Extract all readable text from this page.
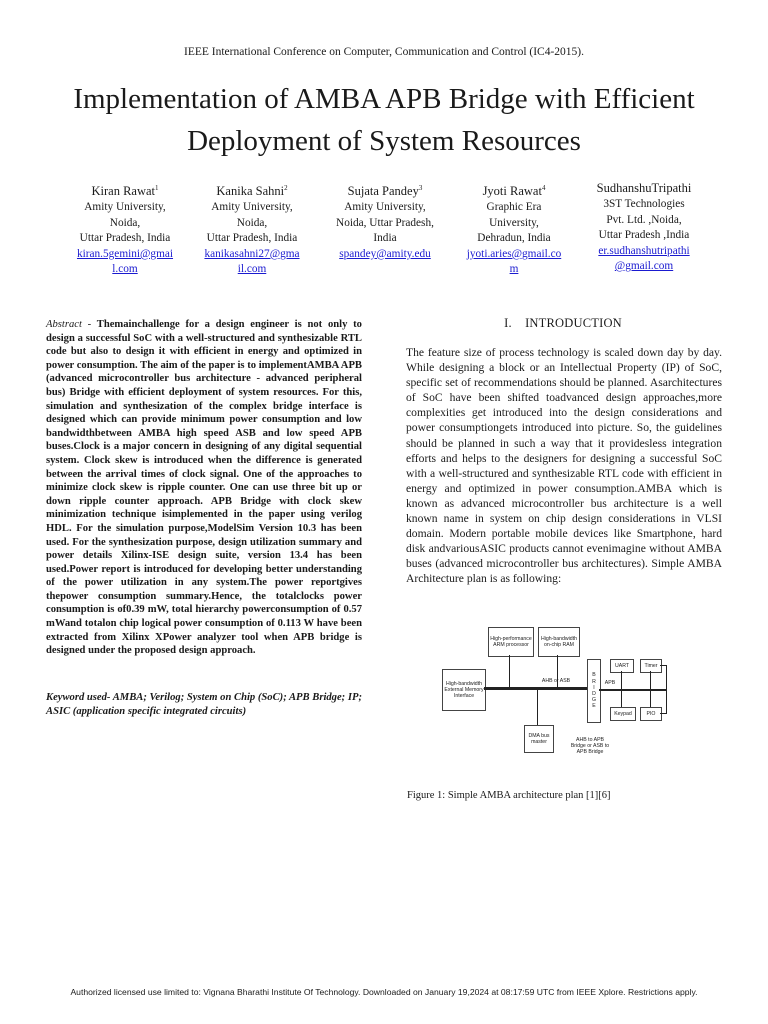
IEEE International Conference on Computer, Communication and Control (IC4-2015).
Implementation of AMBA APB Bridge with Efficient
Deployment of System Resources
Kiran Rawat$^1$
Amity University,
Noida,
Uttar Pradesh, India
kiran.5gemini@gmai
l.com
Kanika Sahni$^2$
Amity University,
Noida,
Uttar Pradesh, India
kanikasahni27@gma
il.com
Sujata Pandey$^3$
Amity University,
Noida, Uttar Pradesh,
India
spandey@amity.edu
Jyoti Rawat$^4$
Graphic Era
University,
Dehradun, India
jyoti.aries@gmail.co
m
SudhanshuTripathi
3ST Technologies
Pvt. Ltd. ,Noida,
Uttar Pradesh ,India
er.sudhanshutripathi
@gmail.com
Abstract - Themainchallenge for a design engineer is not only to design a successful SoC with a well-structured and synthesizable RTL code but also to design it with efficient in energy and optimized in power consumption. The aim of the paper is to implementAMBA APB (advanced microcontroller bus architecture - advanced peripheral bus) Bridge with efficient deployment of system resources. For this, simulation and synthesization of the complex bridge interface is designed which can provide minimum power consumption and low bandwidthbetween AMBA high speed ASB and low speed APB buses.Clock is a major concern in designing of any digital sequential system. Clock skew is introduced when the difference is generated between the arrival times of clock signal. One of the approaches to minimize clock skew is ripple counter. One can use three bit up or down ripple counter approach. APB Bridge with clock skew minimization technique isimplemented in the paper using verilog HDL. For the simulation purpose,ModelSim Version 10.3 has been used. For the synthesization purpose, design utilization summary and power details Xilinx-ISE design suite, version 13.4 has been used.Power report is introduced for developing better understanding of the power utilization in any system.The power reportgives thepower consumption summary.Hence, the totalclocks power consumption is of0.39 mW, total hierarchy powerconsumption of 0.57 mWand totalon chip logical power consumption of 0.113 W have been extracted from Xilinx XPower analyzer tool when APB bridge is designed under the proposed design approach.
Keyword used- AMBA; Verilog; System on Chip (SoC); APB Bridge; IP; ASIC (application specific integrated circuits)
I.    INTRODUCTION
The feature size of process technology is scaled down day by day. While designing a block or an Intellectual Property (IP) of SoC, specific set of recommendations should be planned. Asarchitectures of SoC have been shifted toadvanced design approaches,more complexities get introduced into the design considerations and power consumptiongets introduced into picture. So, the guidelines should be planned in such a way that it providesless integration efforts and helps to the designers for designing a successful SoC with a well-structured and synthesizable RTL code with efficient in energy and optimized in power consumption.AMBA which is known as advanced microcontroller bus architecture is a well known name in system on chip design considerations in VLSI domain. Modern portable mobile devices like Smartphone, hard disk andvariousASIC products cannot evenimagine without AMBA buses (advanced microcontroller bus architectures). Simple AMBA Architecture plan is as following:
High-performance ARM processor
High-bandwidth on-chip RAM
High-bandwidth External Memory Interface
DMA bus master
B
R
I
D
G
E
UART	Timer
Keypad	PIO
AHB or ASB	APB
AHB to APB Bridge or ASB to APB Bridge
Figure 1: Simple AMBA architecture plan [1][6]
Authorized licensed use limited to: Vignana Bharathi Institute Of Technology. Downloaded on January 19,2024 at 08:17:59 UTC from IEEE Xplore. Restrictions apply.
